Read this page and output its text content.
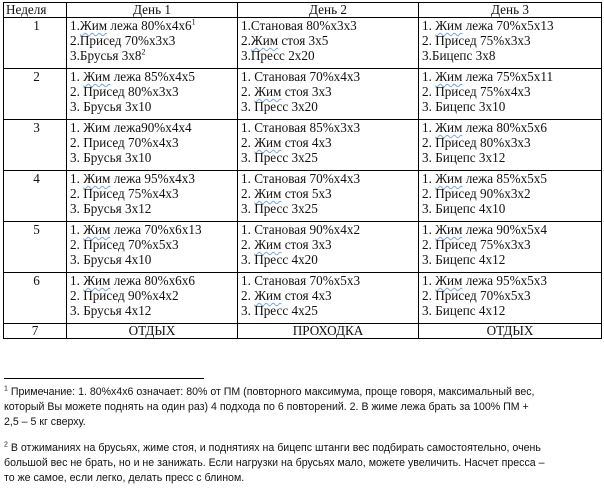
Неделя	День 1	День 2	День 3
1	1.Жим лежа $80\%х4х6^1$
2.Присед 70%х3х3
3.Брусья $3х8^2$	1.Становая 80%х3х3
2.Жим стоя 3х5
3.Пресс 2х20	1. Жим лежа 70%х5х13
2. Присед 75%х3х3
3.Бицепс 3х8

2	1. Жим лежа 85%х4х5
2. Присед 80%х3х3
3. Брусья 3х10	1. Становая 70%х4х3
2. Жим стоя 3х3
3. Пресс 3х20	1. Жим лежа 75%х5х11
2. Присед 75%х4х3
3. Бицепс 3х10

3	1. Жим лежа90%х4х4
2. Присед 70%х4х3
3. Брусья 3х10	1. Становая 85%х3х3
2. Жим стоя 4х3
3. Пресс 3х25	1. Жим лежа 80%х5х6
2. Присед 80%х3х3
3. Бицепс 3х12

4	1. Жим лежа 95%х4х3
2. Присед 75%х4х3
3. Брусья 3х12	1. Становая 70%х4х3
2. Жим стоя 5х3
3. Пресс 3х25	1. Жим лежа 85%х5х5
2. Присед 90%х3х2
3. Бицепс 4х10

5	1. Жим лежа 70%х6х13
2. Присед 70%х5х3
3. Брусья 4х10	1. Становая 90%х4х2
2. Жим стоя 3х3
3. Пресс 4х20	1. Жим лежа 90%х5х4
2. Присед 75%х3х3
3. Бицепс 4х12

6	1. Жим лежа 80%х6х6
2. Присед 90%х4х2
3. Брусья 4х12	1. Становая 70%х5х3
2. Жим стоя 4х3
3. Пресс 4х25	1. Жим лежа 95%х5х3
2. Присед 70%х5х3
3. Бицепс 4х12

7	ОТДЫХ	ПРОХОДКА	ОТДЫХ
$^1$ Примечание: 1. 80%х4х6 означает: 80% от ПМ (повторного максимума, проще говоря, максимальный вес,
который Вы можете поднять на один раз) 4 подхода по 6 повторений. 2. В жиме лежа брать за 100% ПМ +
2,5 – 5 кг сверху.
$^2$ В отжиманиях на брусьях, жиме стоя, и поднятиях на бицепс штанги вес подбирать самостоятельно, очень
большой вес не брать, но и не занижать. Если нагрузки на брусьях мало, можете увеличить. Насчет пресса –
то же самое, если легко, делать пресс с блином.
